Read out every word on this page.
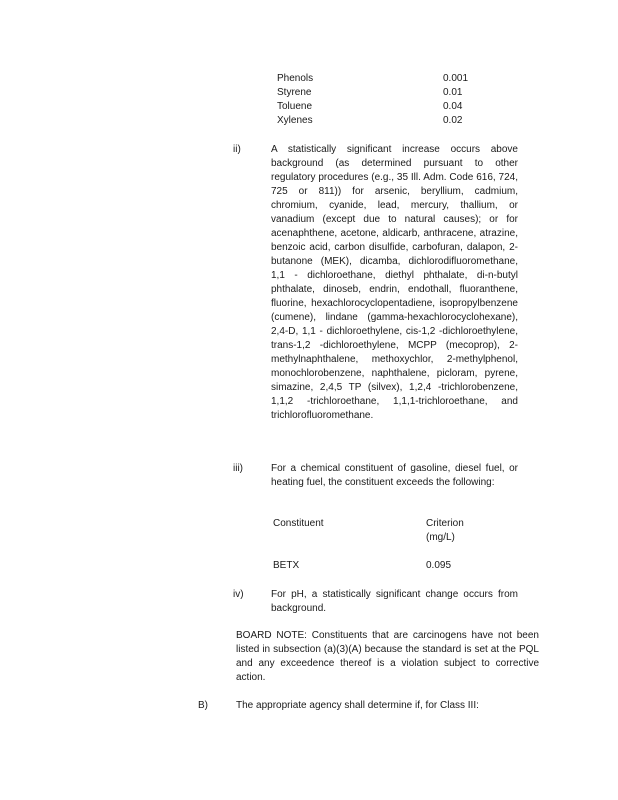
Phenols	0.001
Styrene	0.01
Toluene	0.04
Xylenes	0.02
ii)	A statistically significant increase occurs above background (as determined pursuant to other regulatory procedures (e.g., 35 Ill. Adm. Code 616, 724, 725 or 811)) for arsenic, beryllium, cadmium, chromium, cyanide, lead, mercury, thallium, or vanadium (except due to natural causes); or for acenaphthene, acetone, aldicarb, anthracene, atrazine, benzoic acid, carbon disulfide, carbofuran, dalapon, 2-butanone (MEK), dicamba, dichlorodifluoromethane, 1,1 - dichloroethane, diethyl phthalate, di-n-butyl phthalate, dinoseb, endrin, endothall, fluoranthene, fluorine, hexachlorocyclopentadiene, isopropylbenzene (cumene), lindane (gamma-hexachlorocyclohexane), 2,4-D, 1,1 - dichloroethylene, cis-1,2 -dichloroethylene, trans-1,2 -dichloroethylene, MCPP (mecoprop), 2-methylnaphthalene, methoxychlor, 2-methylphenol, monochlorobenzene, naphthalene, picloram, pyrene, simazine, 2,4,5 TP (silvex), 1,2,4 -trichlorobenzene, 1,1,2 -trichloroethane, 1,1,1-trichloroethane, and trichlorofluoromethane.
iii)	For a chemical constituent of gasoline, diesel fuel, or heating fuel, the constituent exceeds the following:
Constituent	Criterion (mg/L)
BETX	0.095
iv)	For pH, a statistically significant change occurs from background.
BOARD NOTE: Constituents that are carcinogens have not been listed in subsection (a)(3)(A) because the standard is set at the PQL and any exceedence thereof is a violation subject to corrective action.
B)	The appropriate agency shall determine if, for Class III:
